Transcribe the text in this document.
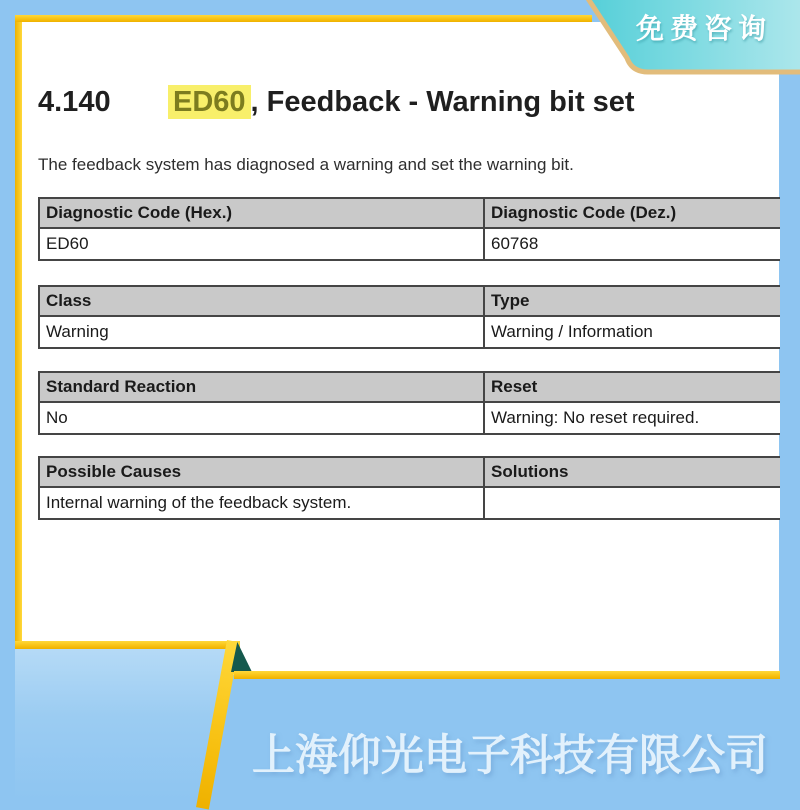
免费咨询
4.140 ED60 , Feedback - Warning bit set
The feedback system has diagnosed a warning and set the warning bit.
Diagnostic Code (Hex.)	Diagnostic Code (Dez.)
ED60	60768
Class	Type
Warning	Warning / Information
Standard Reaction	Reset
No	Warning: No reset required.
Possible Causes	Solutions
Internal warning of the feedback system.	
上海仰光电子科技有限公司
